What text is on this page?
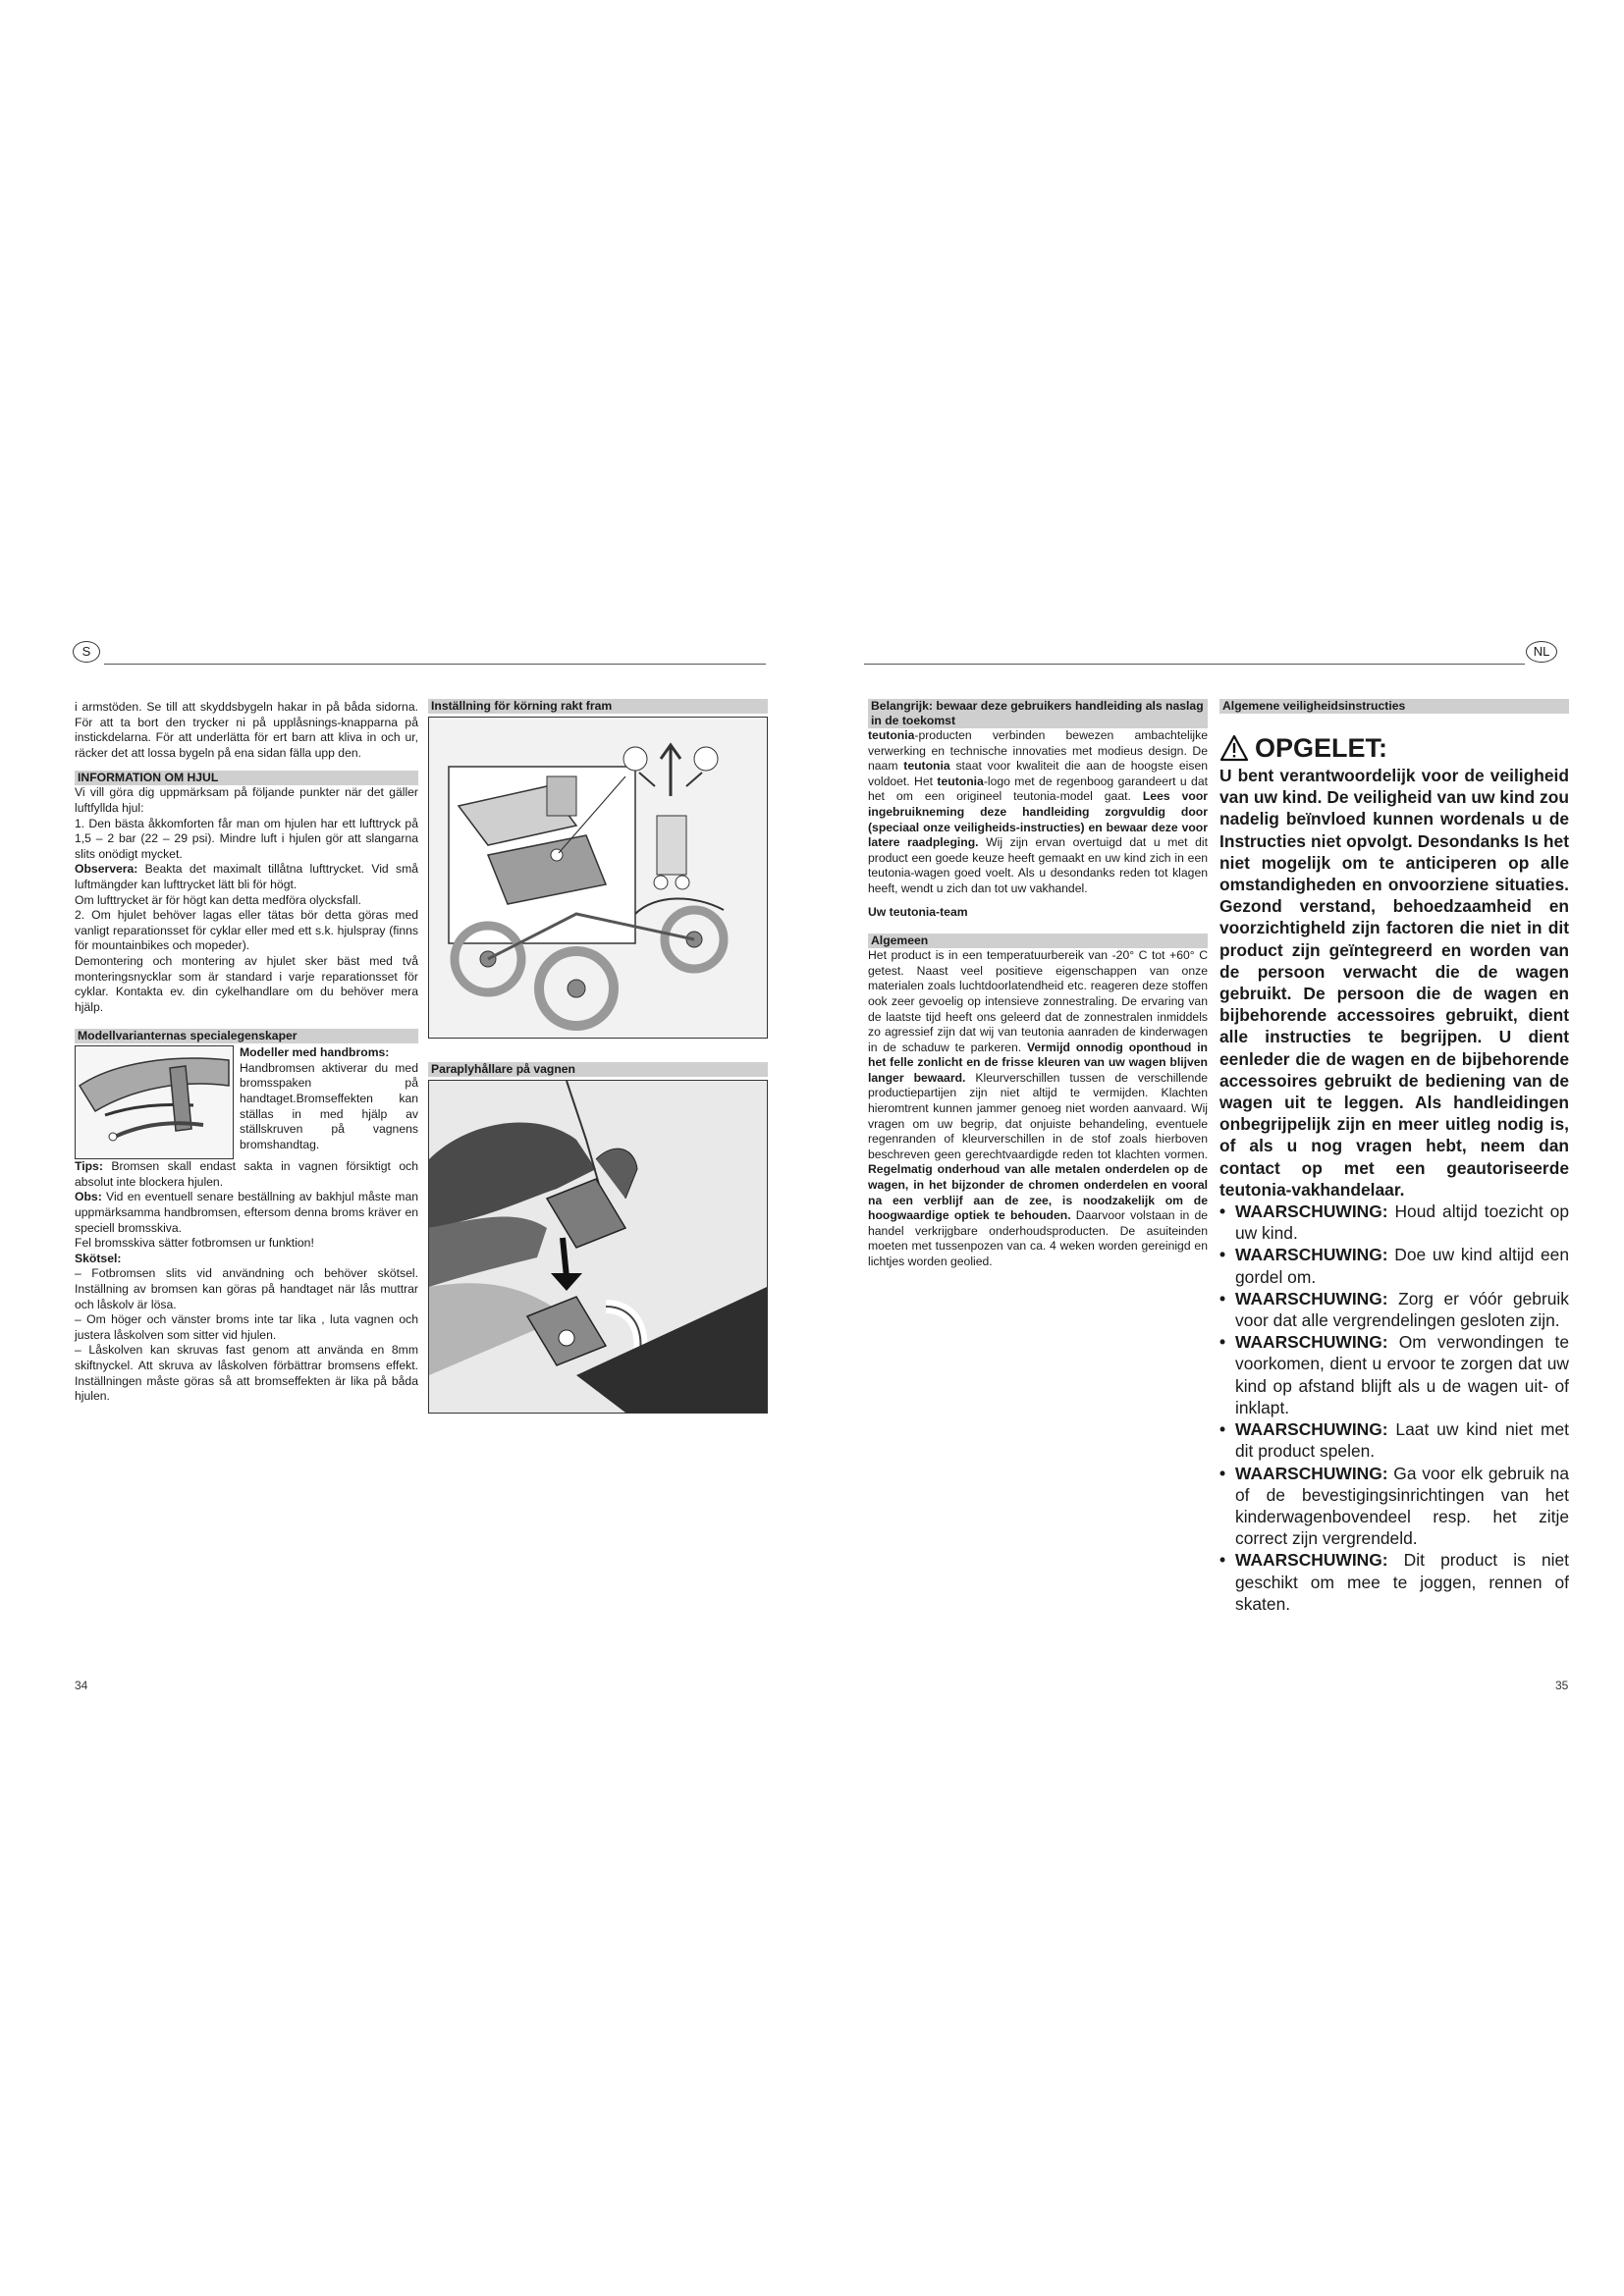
S

i armstöden. Se till att skyddsbygeln hakar in på båda sidorna. För att ta bort den trycker ni på upplåsnings-knapparna på instickdelarna. För att underlätta för ert barn att kliva in och ur, räcker det att lossa bygeln på ena sidan fälla upp den.

INFORMATION OM HJUL

Vi vill göra dig uppmärksam på följande punkter när det gäller luftfyllda hjul:

1. Den bästa åkkomforten får man om hjulen har ett lufttryck på 1,5 – 2 bar (22 – 29 psi). Mindre luft i hjulen gör att slangarna slits onödigt mycket.

Observera: Beakta det maximalt tillåtna lufttrycket. Vid små luftmängder kan lufttrycket lätt bli för högt.

Om lufttrycket är för högt kan detta medföra olycksfall.

2. Om hjulet behöver lagas eller tätas bör detta göras med vanligt reparationsset för cyklar eller med ett s.k. hjulspray (finns för mountainbikes och mopeder).

Demontering och montering av hjulet sker bäst med två monteringsnycklar som är standard i varje reparationsset för cyklar. Kontakta ev. din cykelhandlare om du behöver mera hjälp.

Modellvarianternas specialegenskaper

Modeller med handbroms:

Handbromsen aktiverar du med bromsspaken på handtaget.Bromseffekten kan ställas in med hjälp av ställskruven på vagnens bromshandtag.

Tips: Bromsen skall endast sakta in vagnen försiktigt och absolut inte blockera hjulen.

Obs: Vid en eventuell senare beställning av bakhjul måste man uppmärksamma handbromsen, eftersom denna broms kräver en speciell bromsskiva.

Fel bromsskiva sätter fotbromsen ur funktion!

Skötsel:

– Fotbromsen slits vid användning och behöver skötsel. Inställning av bromsen kan göras på handtaget när lås muttrar och låskolv är lösa.

– Om höger och vänster broms inte tar lika , luta vagnen och justera låskolven som sitter vid hjulen.

– Låskolven kan skruvas fast genom att använda en 8mm skiftnyckel. Att skruva av låskolven förbättrar bromsens effekt. Inställningen måste göras så att bromseffekten är lika på båda hjulen.

Inställning för körning rakt fram

Paraplyhållare på vagnen

34
NL

Belangrijk: bewaar deze gebruikers handleiding als naslag in de toekomst

teutonia-producten verbinden bewezen ambachtelijke verwerking en technische innovaties met modieus design. De naam teutonia staat voor kwaliteit die aan de hoogste eisen voldoet. Het teutonia-logo met de regenboog garandeert u dat het om een origineel teutonia-model gaat. Lees voor ingebruikneming deze handleiding zorgvuldig door (speciaal onze veiligheids-instructies) en bewaar deze voor latere raadpleging. Wij zijn ervan overtuigd dat u met dit product een goede keuze heeft gemaakt en uw kind zich in een teutonia-wagen goed voelt. Als u desondanks reden tot klagen heeft, wendt u zich dan tot uw vakhandel.

Uw teutonia-team

Algemeen

Het product is in een temperatuurbereik van -20° C tot +60° C getest. Naast veel positieve eigenschappen van onze materialen zoals luchtdoorlatendheid etc. reageren deze stoffen ook zeer gevoelig op intensieve zonnestraling. De ervaring van de laatste tijd heeft ons geleerd dat de zonnestralen inmiddels zo agressief zijn dat wij van teutonia aanraden de kinderwagen in de schaduw te parkeren. Vermijd onnodig oponthoud in het felle zonlicht en de frisse kleuren van uw wagen blijven langer bewaard. Kleurverschillen tussen de verschillende productiepartijen zijn niet altijd te vermijden. Klachten hieromtrent kunnen jammer genoeg niet worden aanvaard. Wij vragen om uw begrip, dat onjuiste behandeling, eventuele regenranden of kleurverschillen in de stof zoals hierboven beschreven geen gerechtvaardigde reden tot klachten vormen. Regelmatig onderhoud van alle metalen onderdelen op de wagen, in het bijzonder de chromen onderdelen en vooral na een verblijf aan de zee, is noodzakelijk om de hoogwaardige optiek te behouden. Daarvoor volstaan in de handel verkrijgbare onderhoudsproducten. De asuiteinden moeten met tussenpozen van ca. 4 weken worden gereinigd en lichtjes worden geolied.

Algemene veiligheidsinstructies

OPGELET:

U bent verantwoordelijk voor de veiligheid van uw kind. De veiligheid van uw kind zou nadelig beïnvloed kunnen wordenals u de Instructies niet opvolgt. Desondanks Is het niet mogelijk om te anticiperen op alle omstandigheden en onvoorziene situaties. Gezond verstand, behoedzaamheid en voorzichtigheld zijn factoren die niet in dit product zijn geïntegreerd en worden van de persoon verwacht die de wagen gebruikt. De persoon die de wagen en bijbehorende accessoires gebruikt, dient alle instructies te begrijpen. U dient eenleder die de wagen en de bijbehorende accessoires gebruikt de bediening van de wagen uit te leggen. Als handleidingen onbegrijpelijk zijn en meer uitleg nodig is, of als u nog vragen hebt, neem dan contact op met een geautoriseerde teutonia-vakhandelaar.

• WAARSCHUWING: Houd altijd toezicht op uw kind.
• WAARSCHUWING: Doe uw kind altijd een gordel om.
• WAARSCHUWING: Zorg er vóór gebruik voor dat alle vergrendelingen gesloten zijn.
• WAARSCHUWING: Om verwondingen te voorkomen, dient u ervoor te zorgen dat uw kind op afstand blijft als u de wagen uit- of inklapt.
• WAARSCHUWING: Laat uw kind niet met dit product spelen.
• WAARSCHUWING: Ga voor elk gebruik na of de bevestigingsinrichtingen van het kinderwagenbovendeel resp. het zitje correct zijn vergrendeld.
• WAARSCHUWING: Dit product is niet geschikt om mee te joggen, rennen of skaten.
35
